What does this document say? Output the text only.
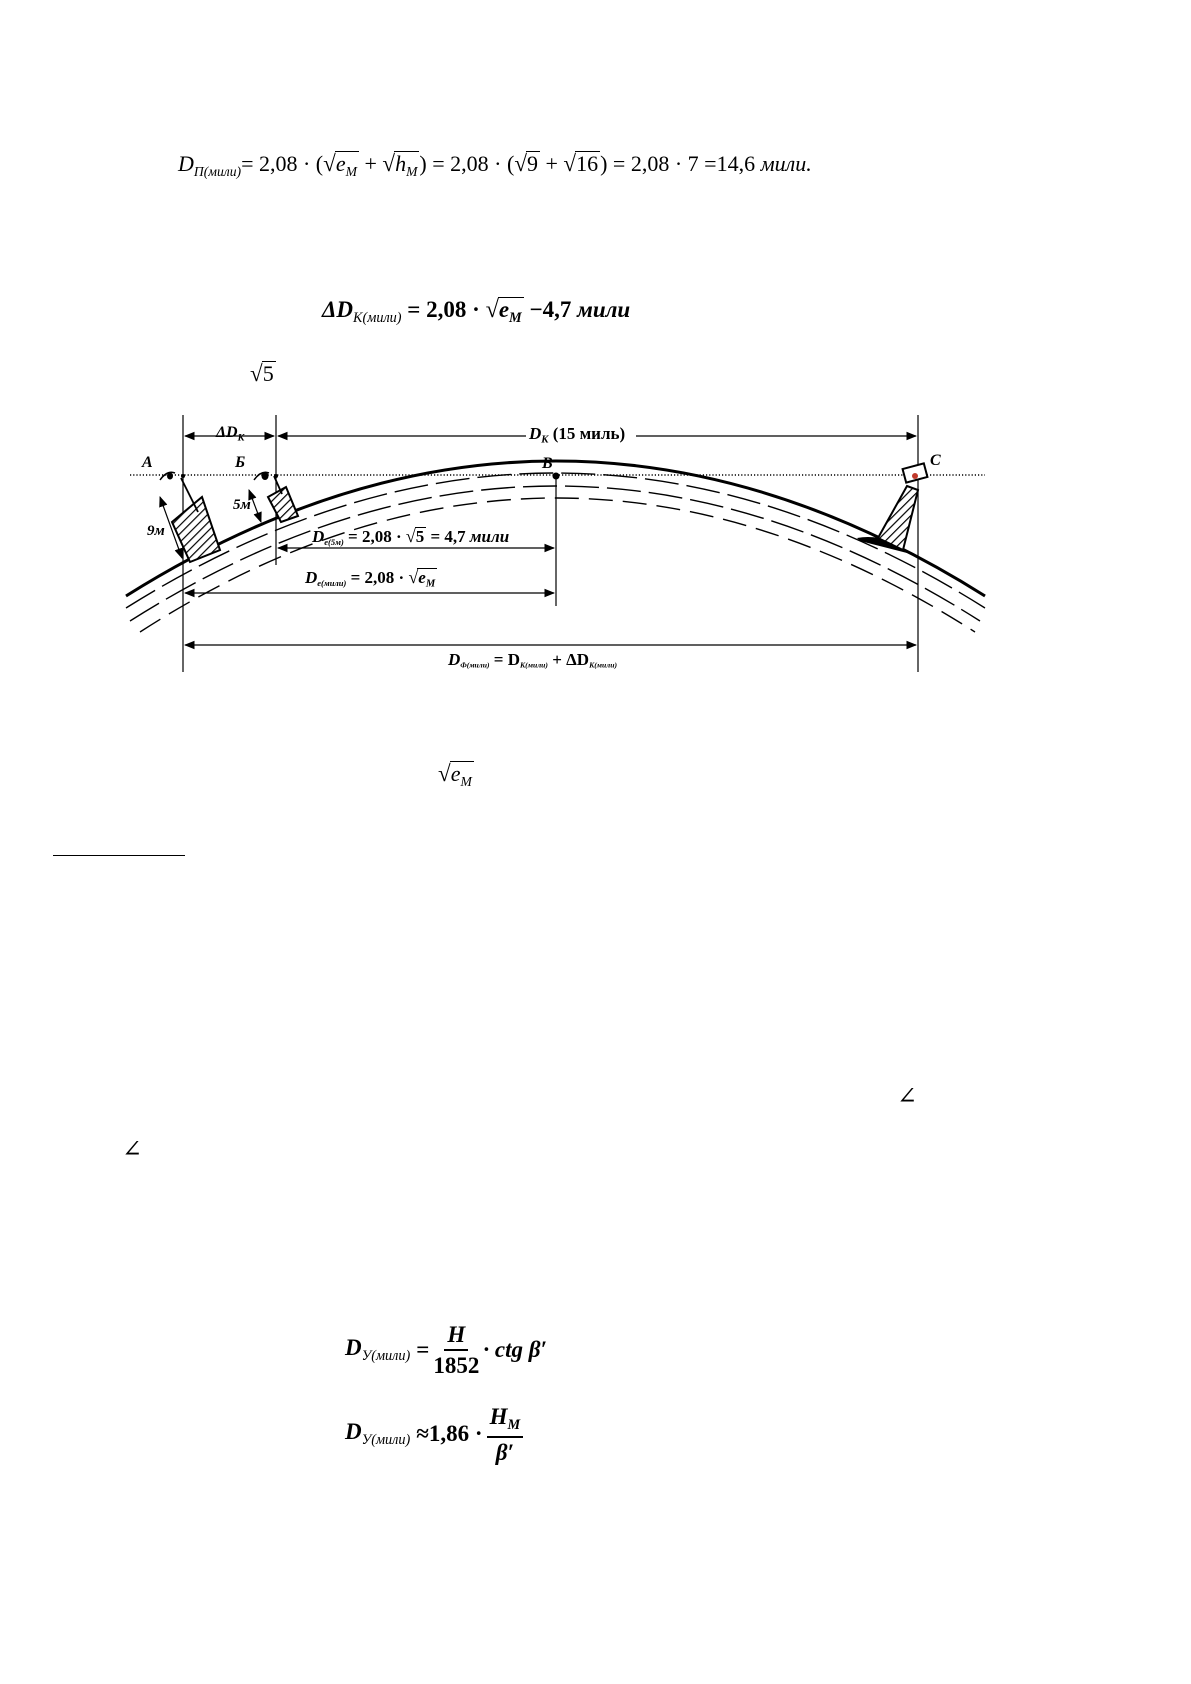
$D_{П(мили)}= 2,08 \cdot (√e_M + √h_M) = 2,08 \cdot (√9 + √16) = 2,08 \cdot 7 =14,6$ мили.
$\Delta D_{К(мили)} = 2,08 \cdot √e_M -4,7$ мили
√5
$\Delta D_К$	$D_К$ (15 миль)
А	Б	В	С
9м
5м
$D_{e(5м)} = 2,08 \cdot √5 = 4,7$ мили
$D_{e(мили)} = 2,08 \cdot √e_M$
$D_{Ф(мили)} = D_{К(мили)} + \Delta D_{К(мили)}$
$√e_M$
∠
∠
$D_{У(мили)} = \frac{H}{1852}$ · ctg β′
$D_{У(мили)} \approx 1,86 \cdot \frac{H_M}{\beta'}$
